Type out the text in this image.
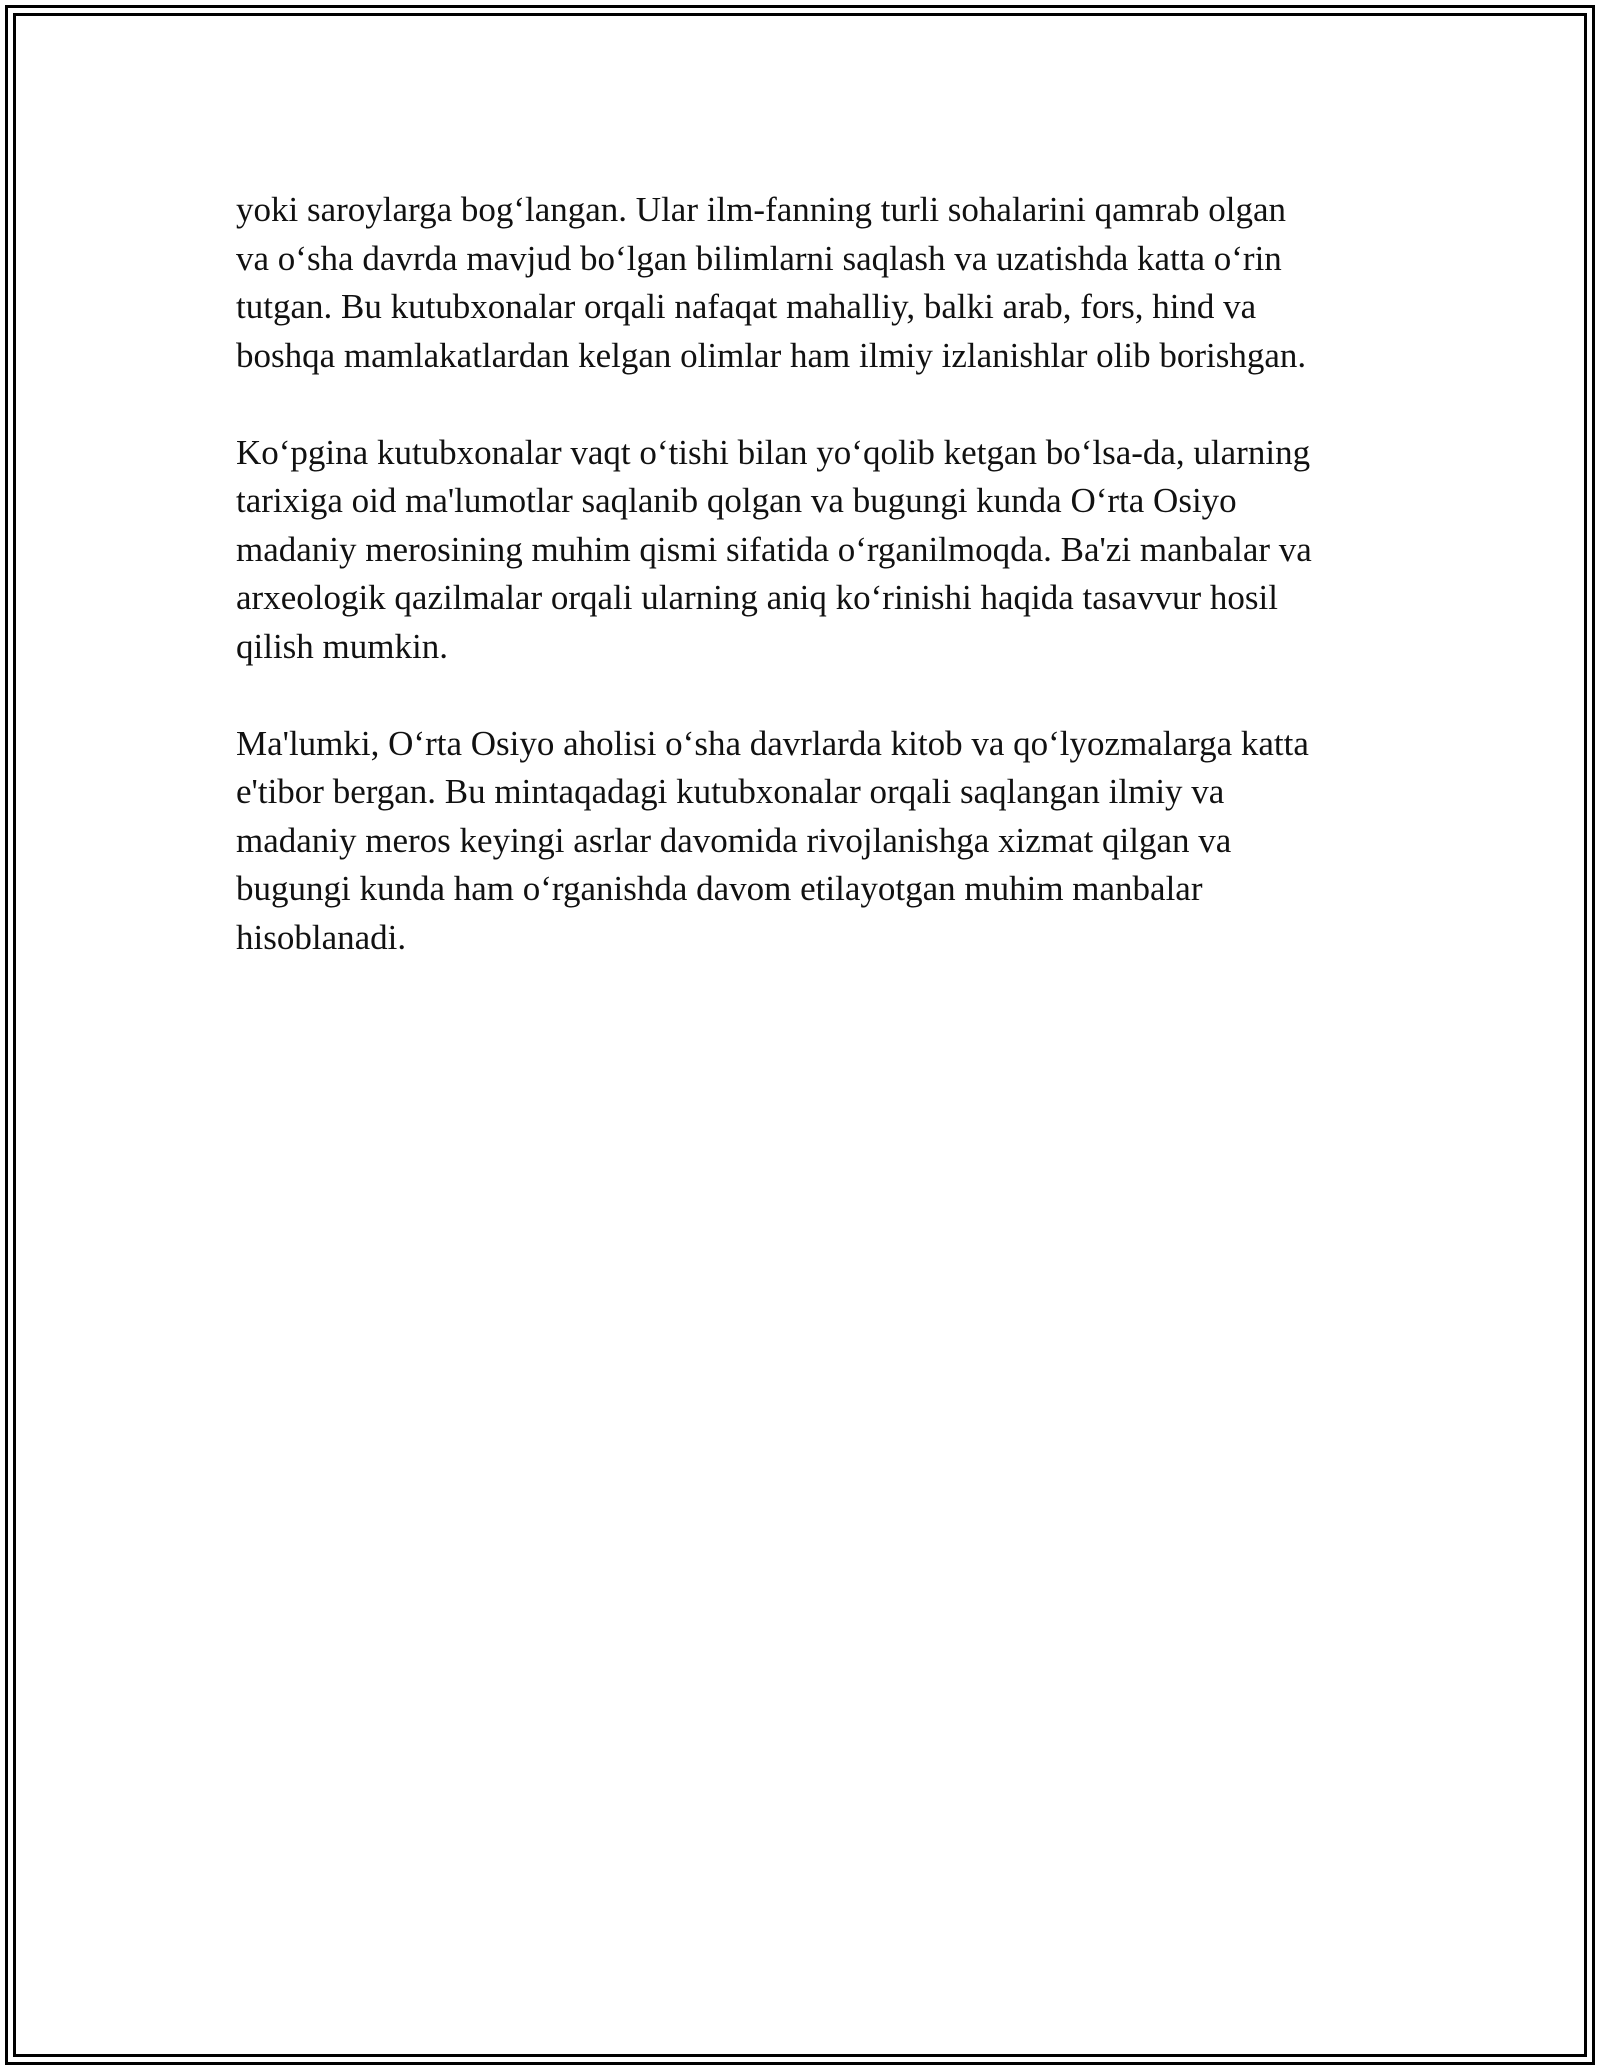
yoki saroylarga bog‘langan. Ular ilm-fanning turli sohalarini qamrab olgan
va o‘sha davrda mavjud bo‘lgan bilimlarni saqlash va uzatishda katta o‘rin
tutgan. Bu kutubxonalar orqali nafaqat mahalliy, balki arab, fors, hind va
boshqa mamlakatlardan kelgan olimlar ham ilmiy izlanishlar olib borishgan.

Ko‘pgina kutubxonalar vaqt o‘tishi bilan yo‘qolib ketgan bo‘lsa-da, ularning
tarixiga oid ma'lumotlar saqlanib qolgan va bugungi kunda O‘rta Osiyo
madaniy merosining muhim qismi sifatida o‘rganilmoqda. Ba'zi manbalar va
arxeologik qazilmalar orqali ularning aniq ko‘rinishi haqida tasavvur hosil
qilish mumkin.

Ma'lumki, O‘rta Osiyo aholisi o‘sha davrlarda kitob va qo‘lyozmalarga katta
e'tibor bergan. Bu mintaqadagi kutubxonalar orqali saqlangan ilmiy va
madaniy meros keyingi asrlar davomida rivojlanishga xizmat qilgan va
bugungi kunda ham o‘rganishda davom etilayotgan muhim manbalar
hisoblanadi.
